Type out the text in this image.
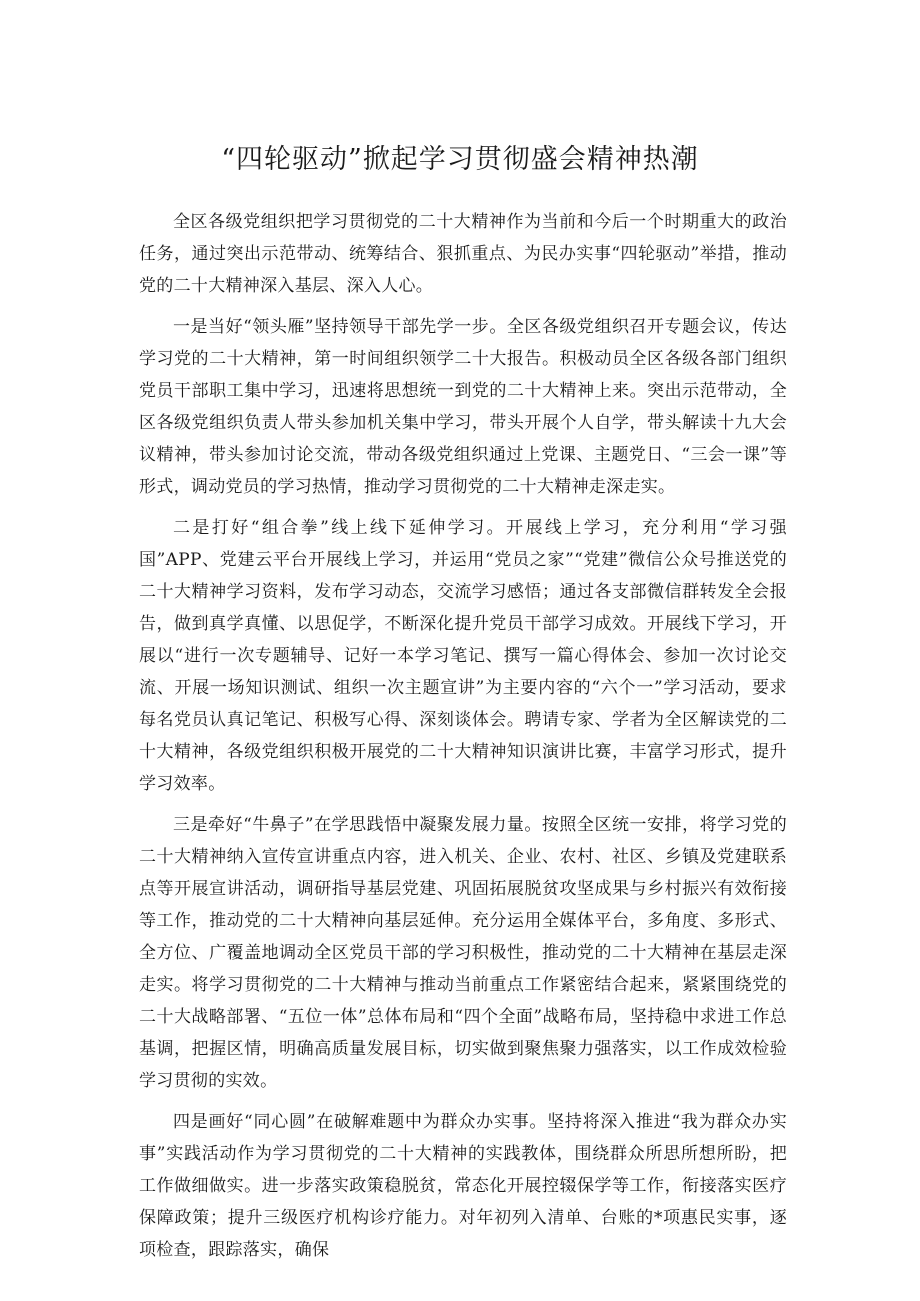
“四轮驱动”掀起学习贯彻盛会精神热潮

全区各级党组织把学习贯彻党的二十大精神作为当前和今后一个时期重大的政治任务，通过突出示范带动、统筹结合、狠抓重点、为民办实事“四轮驱动”举措，推动党的二十大精神深入基层、深入人心。

一是当好“领头雁”坚持领导干部先学一步。全区各级党组织召开专题会议，传达学习党的二十大精神，第一时间组织领学二十大报告。积极动员全区各级各部门组织党员干部职工集中学习，迅速将思想统一到党的二十大精神上来。突出示范带动，全区各级党组织负责人带头参加机关集中学习，带头开展个人自学，带头解读十九大会议精神，带头参加讨论交流，带动各级党组织通过上党课、主题党日、“三会一课”等形式，调动党员的学习热情，推动学习贯彻党的二十大精神走深走实。

二是打好“组合拳”线上线下延伸学习。开展线上学习，充分利用“学习强国”APP、党建云平台开展线上学习，并运用“党员之家”“党建”微信公众号推送党的二十大精神学习资料，发布学习动态，交流学习感悟；通过各支部微信群转发全会报告，做到真学真懂、以思促学，不断深化提升党员干部学习成效。开展线下学习，开展以“进行一次专题辅导、记好一本学习笔记、撰写一篇心得体会、参加一次讨论交流、开展一场知识测试、组织一次主题宣讲”为主要内容的“六个一”学习活动，要求每名党员认真记笔记、积极写心得、深刻谈体会。聘请专家、学者为全区解读党的二十大精神，各级党组织积极开展党的二十大精神知识演讲比赛，丰富学习形式，提升学习效率。

三是牵好“牛鼻子”在学思践悟中凝聚发展力量。按照全区统一安排，将学习党的二十大精神纳入宣传宣讲重点内容，进入机关、企业、农村、社区、乡镇及党建联系点等开展宣讲活动，调研指导基层党建、巩固拓展脱贫攻坚成果与乡村振兴有效衔接等工作，推动党的二十大精神向基层延伸。充分运用全媒体平台，多角度、多形式、全方位、广覆盖地调动全区党员干部的学习积极性，推动党的二十大精神在基层走深走实。将学习贯彻党的二十大精神与推动当前重点工作紧密结合起来，紧紧围绕党的二十大战略部署、“五位一体”总体布局和“四个全面”战略布局，坚持稳中求进工作总基调，把握区情，明确高质量发展目标，切实做到聚焦聚力强落实，以工作成效检验学习贯彻的实效。

四是画好“同心圆”在破解难题中为群众办实事。坚持将深入推进“我为群众办实事”实践活动作为学习贯彻党的二十大精神的实践教体，围绕群众所思所想所盼，把工作做细做实。进一步落实政策稳脱贫，常态化开展控辍保学等工作，衔接落实医疗保障政策；提升三级医疗机构诊疗能力。对年初列入清单、台账的*项惠民实事，逐项检查，跟踪落实，确保
